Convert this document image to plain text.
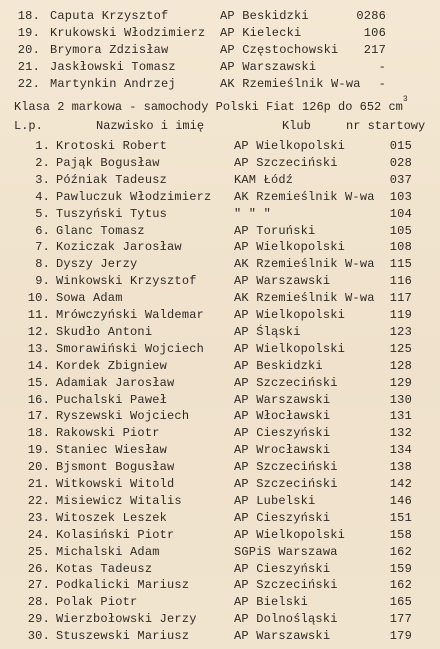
18. Caputa Krzysztof	AP Beskidzki	0286
19. Krukowski Włodzimierz AP Kielecki	106
20. Brymora Zdzisław	AP Częstochowski	217
21. Jaskłowski Tomasz	AP Warszawski	-
22. Martynkin Andrzej	AK Rzemieślnik W-wa	-
Klasa 2 markowa - samochody Polski Fiat 126p do 652 $cm^3$
L.p.	Nazwisko i imię	Klub	nr startowy
1. Krotoski Robert	AP Wielkopolski	015
2. Pająk Bogusław	AP Szczeciński	028
3. Późniak Tadeusz	KAM Łódź	037
4. Pawluczuk Włodzimierz AK Rzemieślnik W-wa	103
5. Tuszyński Tytus	" " "	104
6. Glanc Tomasz	AP Toruński	105
7. Koziczak Jarosław	AP Wielkopolski	108
8. Dyszy Jerzy	AK Rzemieślnik W-wa	115
9. Winkowski Krzysztof	AP Warszawski	116
10. Sowa Adam	AK Rzemieślnik W-wa	117
11. Mrówczyński Waldemar AP Wielkopolski	119
12. Skudło Antoni	AP Śląski	123
13. Smorawiński Wojciech AP Wielkopolski	125
14. Kordek Zbigniew	AP Beskidzki	128
15. Adamiak Jarosław	AP Szczeciński	129
16. Puchalski Paweł	AP Warszawski	130
17. Ryszewski Wojciech	AP Włocławski	131
18. Rakowski Piotr	AP Cieszyński	132
19. Staniec Wiesław	AP Wrocławski	134
20. Bjsmont Bogusław	AP Szczeciński	138
21. Witkowski Witold	AP Szczeciński	142
22. Misiewicz Witalis	AP Lubelski	146
23. Witoszek Leszek	AP Cieszyński	151
24. Kolasiński Piotr	AP Wielkopolski	158
25. Michalski Adam	SGPiS Warszawa	162
26. Kotas Tadeusz	AP Cieszyński	159
27. Podkalicki Mariusz	AP Szczeciński	162
28. Polak Piotr	AP Bielski	165
29. Wierzbołowski Jerzy	AP Dolnośląski	177
30. Stuszewski Mariusz	AP Warszawski	179
